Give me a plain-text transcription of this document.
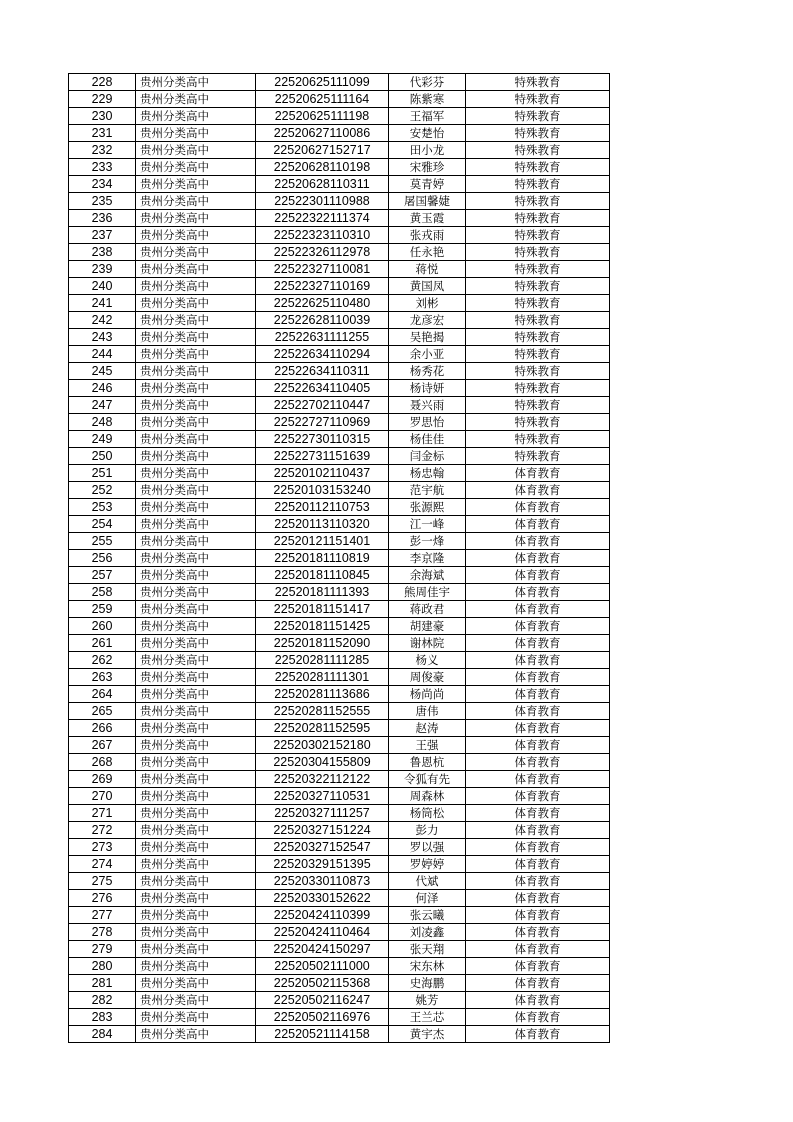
228	贵州分类高中	22520625111099	代彩芬	特殊教育
229	贵州分类高中	22520625111164	陈紫寒	特殊教育
230	贵州分类高中	22520625111198	王福军	特殊教育
231	贵州分类高中	22520627110086	安楚怡	特殊教育
232	贵州分类高中	22520627152717	田小龙	特殊教育
233	贵州分类高中	22520628110198	宋雅珍	特殊教育
234	贵州分类高中	22520628110311	莫青婷	特殊教育
235	贵州分类高中	22522301110988	屠国馨婕	特殊教育
236	贵州分类高中	22522322111374	黄玉霞	特殊教育
237	贵州分类高中	22522323110310	张戎雨	特殊教育
238	贵州分类高中	22522326112978	任永艳	特殊教育
239	贵州分类高中	22522327110081	蒋悦	特殊教育
240	贵州分类高中	22522327110169	黄国凤	特殊教育
241	贵州分类高中	22522625110480	刘彬	特殊教育
242	贵州分类高中	22522628110039	龙彦宏	特殊教育
243	贵州分类高中	22522631111255	吴艳揭	特殊教育
244	贵州分类高中	22522634110294	余小亚	特殊教育
245	贵州分类高中	22522634110311	杨秀花	特殊教育
246	贵州分类高中	22522634110405	杨诗妍	特殊教育
247	贵州分类高中	22522702110447	聂兴雨	特殊教育
248	贵州分类高中	22522727110969	罗思怡	特殊教育
249	贵州分类高中	22522730110315	杨佳佳	特殊教育
250	贵州分类高中	22522731151639	闫金标	特殊教育
251	贵州分类高中	22520102110437	杨忠翰	体育教育
252	贵州分类高中	22520103153240	范宇航	体育教育
253	贵州分类高中	22520112110753	张源熙	体育教育
254	贵州分类高中	22520113110320	江一峰	体育教育
255	贵州分类高中	22520121151401	彭一烽	体育教育
256	贵州分类高中	22520181110819	李京隆	体育教育
257	贵州分类高中	22520181110845	余海斌	体育教育
258	贵州分类高中	22520181111393	熊周佳宇	体育教育
259	贵州分类高中	22520181151417	蒋政君	体育教育
260	贵州分类高中	22520181151425	胡建豪	体育教育
261	贵州分类高中	22520181152090	谢林院	体育教育
262	贵州分类高中	22520281111285	杨义	体育教育
263	贵州分类高中	22520281111301	周俊豪	体育教育
264	贵州分类高中	22520281113686	杨尚尚	体育教育
265	贵州分类高中	22520281152555	唐伟	体育教育
266	贵州分类高中	22520281152595	赵涛	体育教育
267	贵州分类高中	22520302152180	王强	体育教育
268	贵州分类高中	22520304155809	鲁恩杭	体育教育
269	贵州分类高中	22520322112122	令狐有先	体育教育
270	贵州分类高中	22520327110531	周森林	体育教育
271	贵州分类高中	22520327111257	杨筒松	体育教育
272	贵州分类高中	22520327151224	彭力	体育教育
273	贵州分类高中	22520327152547	罗以强	体育教育
274	贵州分类高中	22520329151395	罗婷婷	体育教育
275	贵州分类高中	22520330110873	代斌	体育教育
276	贵州分类高中	22520330152622	何泽	体育教育
277	贵州分类高中	22520424110399	张云曦	体育教育
278	贵州分类高中	22520424110464	刘凌鑫	体育教育
279	贵州分类高中	22520424150297	张天翔	体育教育
280	贵州分类高中	22520502111000	宋东林	体育教育
281	贵州分类高中	22520502115368	史海鹏	体育教育
282	贵州分类高中	22520502116247	姚芳	体育教育
283	贵州分类高中	22520502116976	王兰芯	体育教育
284	贵州分类高中	22520521114158	黄宇杰	体育教育
